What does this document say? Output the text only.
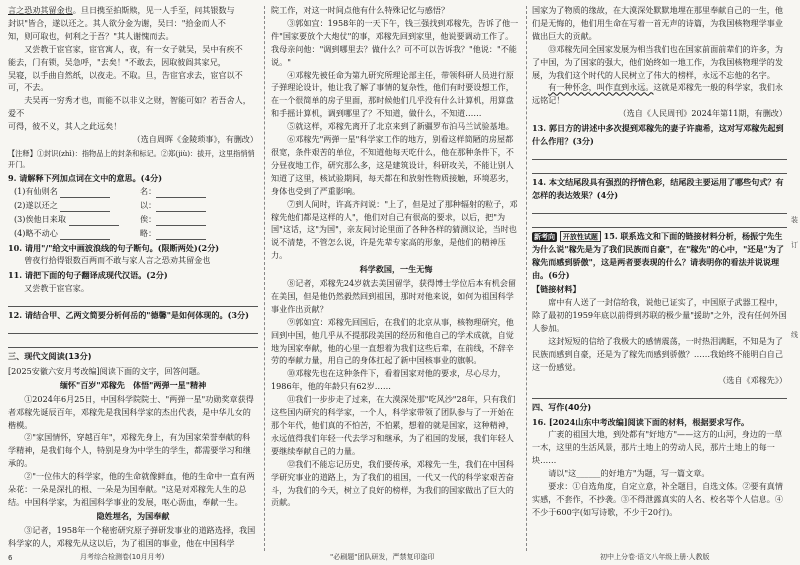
言之恐劝其留金也。旦日携至拍斯赎，见一人手至，问其银数与

封识"皆合，遂以还之。其人欲分金为谢，吴曰："拾金而人不

知，则可取也，何利之于吾？"其人谢愧而去。

又尝教于宦官家，宦官寓人，夜，有一女子就吴，吴中有疾不

能去，门有锁，吴急呼，"去矣！"不敢去，因取彼阎其家兄，

吴寝，以手曲自然纸，以夜走。不取。旦，告宦官求去，宦官以不

可，不去。

夫吴再一穷秀才也，而能不以非义之财，智能可如？若吾舍人，爱不

可得，彼不义，其人之此远矣！

（选自周晖《金陵琐事》，有删改）

【注释】①封识(zhì)：指物品上的封条和标记。②郑(jiù)：拔开，这里指悄悄开门。

9. 请解释下列加点词在文中的意思。(4分)

(1)有仙则名	名：
(2)遂以还之	以：
(3)俟他日来取	俟：
(4)略不动心	略：

10. 请用"/"给文中画波浪线的句子断句。(限断两处)(2分)

曾夜行拾得银数百两而不敢与家人言之恐劝其留金也

11. 请把下面的句子翻译成现代汉语。(2分)

又尝教于宦官家。

12. 请结合甲、乙两文简要分析何岳的"德馨"是如何体现的。(3分)

三、现代文阅读(13分)

[2025安徽六安月考改编]阅读下面的文字，回答问题。

缅怀"百岁"邓稼先　体悟"两弹一星"精神

①2024年6月25日，中国科学院院士、"两弹一星"功勋奖章获得者邓稼先诞辰百年，邓稼先是我国科学家的杰出代表，是中华儿女的楷模。

②"家国情怀，穿越百年"，邓稼先身上，有为国家荣誉奉献的科学精神，是我们每个人，特别是身为中学生的学生，都需要学习和继承的。

②"一位伟大的科学家，他的生命就像鲜血，他的生命中一直有两朵花：一朵是深扎的根、一朵是为国奉献。"这是对邓稼先人生的总结。中国科学家，为祖国科学事业的发展，呕心沥血，奉献一生。

隐姓埋名，为国奉献

③记者，1958年一个秘密研究原子弹研发事业的道路选择，我国科学家的人，邓稼先从这以后，为了祖国的事业，他在中国科学

院工作，对这一时间点他有什么特殊记忆与感悟？

③郭如宜：1958年的一天下午，钱三强找到邓稼先，告诉了他一件"国家要放个大炮仗"的事，邓稼先回到家里，他说要调动工作了。我母亲问他："调到哪里去？做什么？可不可以告诉我？"他说："不能说。"

④邓稼先被任命为第九研究所理论部主任，带领科研人员进行原子弹理论设计，他让我了解了事情的复杂性，他们有时要设想工作，在一个很简单的房子里面，那时候他们几乎没有什么计算机，用算盘和手摇计算机，调到哪里了？不知道，做什么，不知道……

⑤就这样，邓稼先离开了北京来到了新疆罗布泊马兰试验基地。

⑥邓稼先"两弹一星"科学家工作的地方，别看这样简陋的房屋都很宽，条件艰苦的单位，不知道他每天吃什么，他在那种条件下，不分昼夜地工作，研究那么多，这是建筑设计，科研攻关，不能让别人知道了这里，核试验期间，每天都在和放射性物质接触，环境恶劣，身体也受到了严重影响。

⑦到人间时，许高齐问说："上了，但是过了那种辐射的粒子，邓稼先他们都是这样的人"，他们对自己有很高的要求，以后，把"为国"这话，这"为国"，亲友间讨论里面了各种各样的猜测议论，当时也说不清楚，不管怎么说，许是先辈专家高的形象，是他们的精神压力。

科学救国，一生无悔

⑧记者，邓稼先24岁就去美国留学，获得博士学位后本有机会留在美国，但是他仍然毅然回到祖国，那时对他来说，如何为祖国科学事业作出贡献？

⑨郭如宜：邓稼先回国后，在我们的北京从事，核物理研究，他回到中国，他几乎从不提那段美国的经历和他自己的学术成就，自觉地为国家奉献，他的心里一直想着为我们这些后辈，在前线，不辞辛劳的奉献力量，用自己的身体扛起了新中国核事业的旗帜。

⑩邓稼先也在这种条件下，看着国家对他的要求，尽心尽力，1986年，他的年龄只有62岁……

⑪我们一步步走了过来，在大漠深处那"吃风沙"28年，只有我们这些国内研究的科学家，一个人，科学家带领了团队参与了一开始在那个年代，他们真的不怕苦，不怕累，想着的就是国家，这种精神，永远值得我们年轻一代去学习和继承，为了祖国的发展，我们年轻人要继续奉献自己的力量。

⑫我们不能忘记历史，我们要传承，邓稼先一生，我们在中国科学研究事业的道路上，为了我们的祖国，一代又一代的科学家艰苦奋斗，为我们的今天，树立了良好的榜样，为我们的国家做出了巨大的贡献。

国家为了物质的缘故，在大漠深处默默地埋在那里奉献自己的一生，他们是无悔的，他们用生命在写着一首无声的诗篇，为我国核物理学事业做出巨大的贡献。

⑬邓稼先同全国家发展为相当我们也在国家前面前辈们的许多，为了中国，为了国家的强大，他们始终如一地工作，为我国核物理学的发展，为我们这个时代的人民树立了伟大的榜样，永远不忘他的名字。

有一种怀念，叫作直到永远。这就是邓稼先一般的科学家，我们永远铭记！

（选自《人民周刊》2024年第11期，有删改）

13. 郭日方的讲述中多次提到邓稼先的妻子许鹿希，这对写邓稼先起到什么作用？(3分)

14. 本文结尾段具有强烈的抒情色彩，结尾段主要运用了哪些句式？有怎样的表达效果？(4分)

新考向 开放性试题 15. 联系选文和下面的链接材料分析，杨振宁先生为什么说"稼先是为了我们民族而自豪"，在"稼先"的心中，"还是"为了稼先而感到骄傲"，这是两者要表现的什么？请表明你的看法并说说理由。(6分)

【链接材料】

席中有人送了一封信给我，说他已证实了，中国原子武器工程中，除了最初的1959年底以前得到苏联的极少量"援助"之外，没有任何外国人参加。

这封短短的信给了我极大的感情震荡，一时热泪满眶，不知是为了民族而感到自豪，还是为了稼先而感到骄傲？……我始终不能明白自己这一份感觉。

（选自《邓稼先》）

四、写作(40分)

16. [2024山东中考改编]阅读下面的材料，根据要求写作。

广袤的祖国大地，到处都有"好地方"——这方的山河，身边的一草一木，这里的生活风景，那片土地上的劳动人民，那片土地上的每一块……

请以"这______的好地方"为题，写一篇文章。

要求：①自选角度，自定立意，补全题目，自选文体。②要有真情实感，不套作，不抄袭。③不得泄露真实的人名、校名等个人信息。④不少于600字(如写诗歌，不少于20行)。

装
订
线
6	月考综合检测卷(10月月考)	"必刷题"团队研发，严禁复印盗印	初中上分卷·语文八年级上册·人教版
